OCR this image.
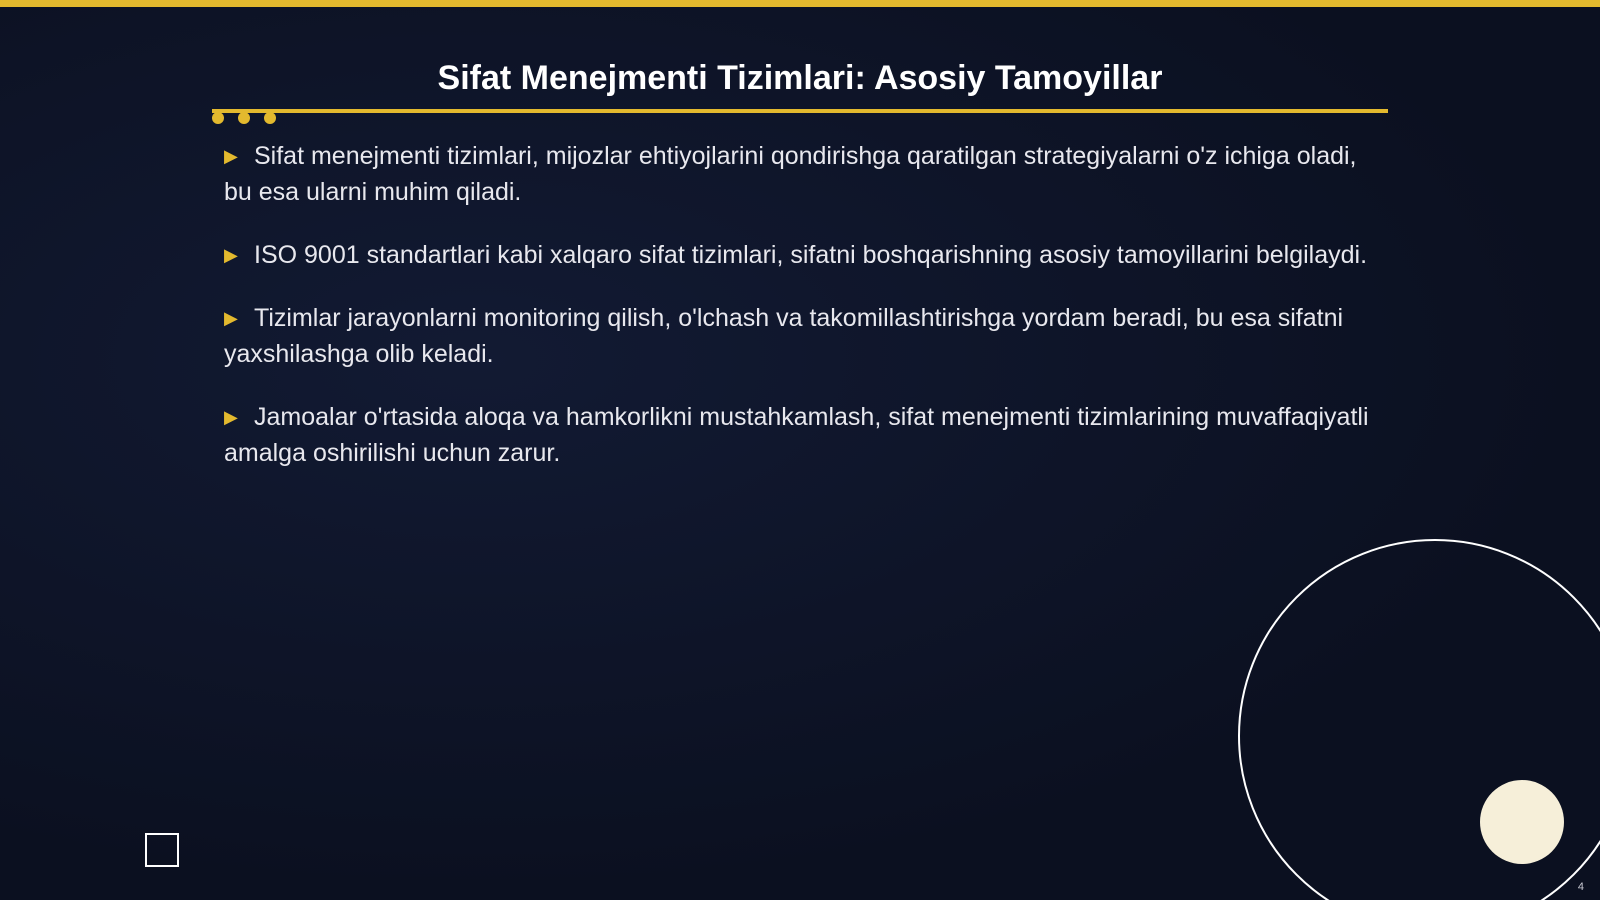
Sifat Menejmenti Tizimlari: Asosiy Tamoyillar
▶ Sifat menejmenti tizimlari, mijozlar ehtiyojlarini qondirishga qaratilgan strategiyalarni o'z ichiga oladi, bu esa ularni muhim qiladi.
▶ ISO 9001 standartlari kabi xalqaro sifat tizimlari, sifatni boshqarishning asosiy tamoyillarini belgilaydi.
▶ Tizimlar jarayonlarni monitoring qilish, o'lchash va takomillashtirishga yordam beradi, bu esa sifatni yaxshilashga olib keladi.
▶ Jamoalar o'rtasida aloqa va hamkorlikni mustahkamlash, sifat menejmenti tizimlarining muvaffaqiyatli amalga oshirilishi uchun zarur.
4
